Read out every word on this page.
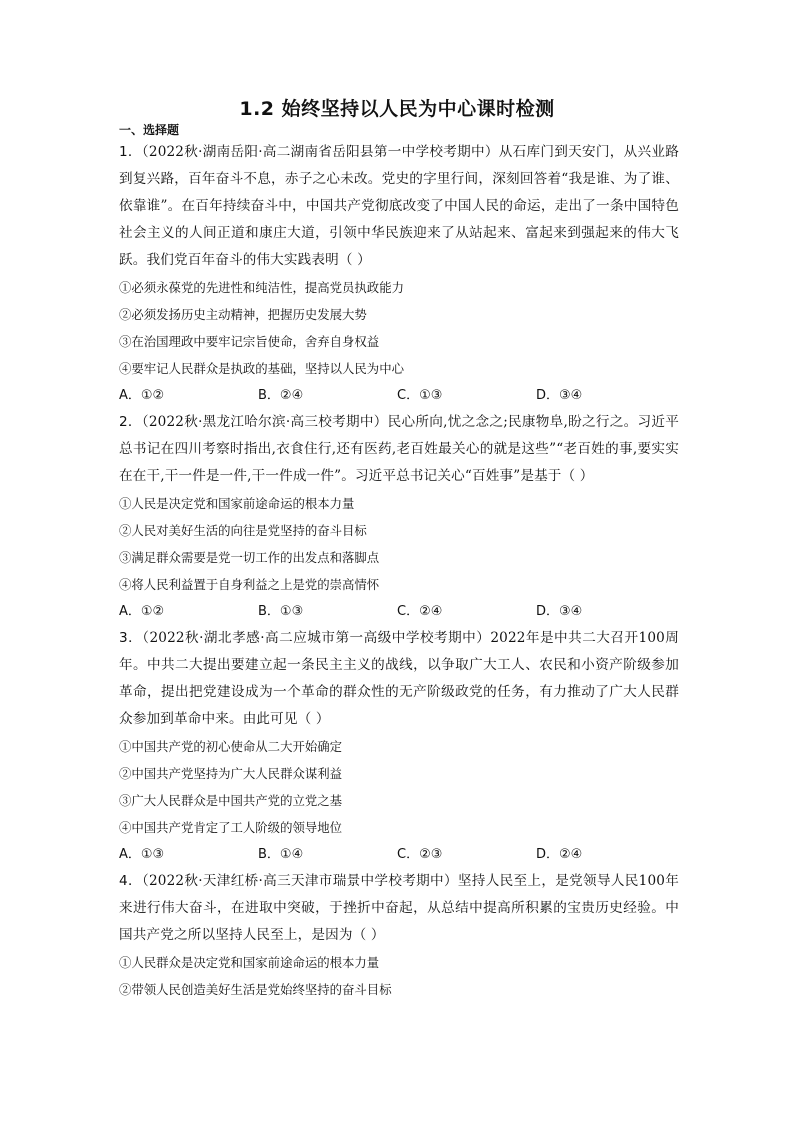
1.2 始终坚持以人民为中心课时检测
一、选择题
1．（2022秋·湖南岳阳·高二湖南省岳阳县第一中学校考期中）从石库门到天安门，从兴业路到复兴路，百年奋斗不息，赤子之心未改。党史的字里行间，深刻回答着“我是谁、为了谁、依靠谁”。在百年持续奋斗中，中国共产党彻底改变了中国人民的命运，走出了一条中国特色社会主义的人间正道和康庄大道，引领中华民族迎来了从站起来、富起来到强起来的伟大飞跃。我们党百年奋斗的伟大实践表明（ ）
①必须永葆党的先进性和纯洁性，提高党员执政能力
②必须发扬历史主动精神，把握历史发展大势
③在治国理政中要牢记宗旨使命，舍弃自身权益
④要牢记人民群众是执政的基础，坚持以人民为中心
A．①②	B．②④	C．①③	D．③④
2．（2022秋·黑龙江哈尔滨·高三校考期中）民心所向,忧之念之;民康物阜,盼之行之。习近平总书记在四川考察时指出,衣食住行,还有医药,老百姓最关心的就是这些”“老百姓的事,要实实在在干,干一件是一件,干一件成一件”。习近平总书记关心“百姓事”是基于（ ）
①人民是决定党和国家前途命运的根本力量
②人民对美好生活的向往是党坚持的奋斗目标
③满足群众需要是党一切工作的出发点和落脚点
④将人民利益置于自身利益之上是党的崇高情怀
A．①②	B．①③	C．②④	D．③④
3．（2022秋·湖北孝感·高二应城市第一高级中学校考期中）2022年是中共二大召开100周年。中共二大提出要建立起一条民主主义的战线，以争取广大工人、农民和小资产阶级参加革命，提出把党建设成为一个革命的群众性的无产阶级政党的任务，有力推动了广大人民群众参加到革命中来。由此可见（ ）
①中国共产党的初心使命从二大开始确定
②中国共产党坚持为广大人民群众谋利益
③广大人民群众是中国共产党的立党之基
④中国共产党肯定了工人阶级的领导地位
A．①③	B．①④	C．②③	D．②④
4．（2022秋·天津红桥·高三天津市瑞景中学校考期中）坚持人民至上，是党领导人民100年来进行伟大奋斗，在进取中突破，于挫折中奋起，从总结中提高所积累的宝贵历史经验。中国共产党之所以坚持人民至上，是因为（ ）
①人民群众是决定党和国家前途命运的根本力量
②带领人民创造美好生活是党始终坚持的奋斗目标
